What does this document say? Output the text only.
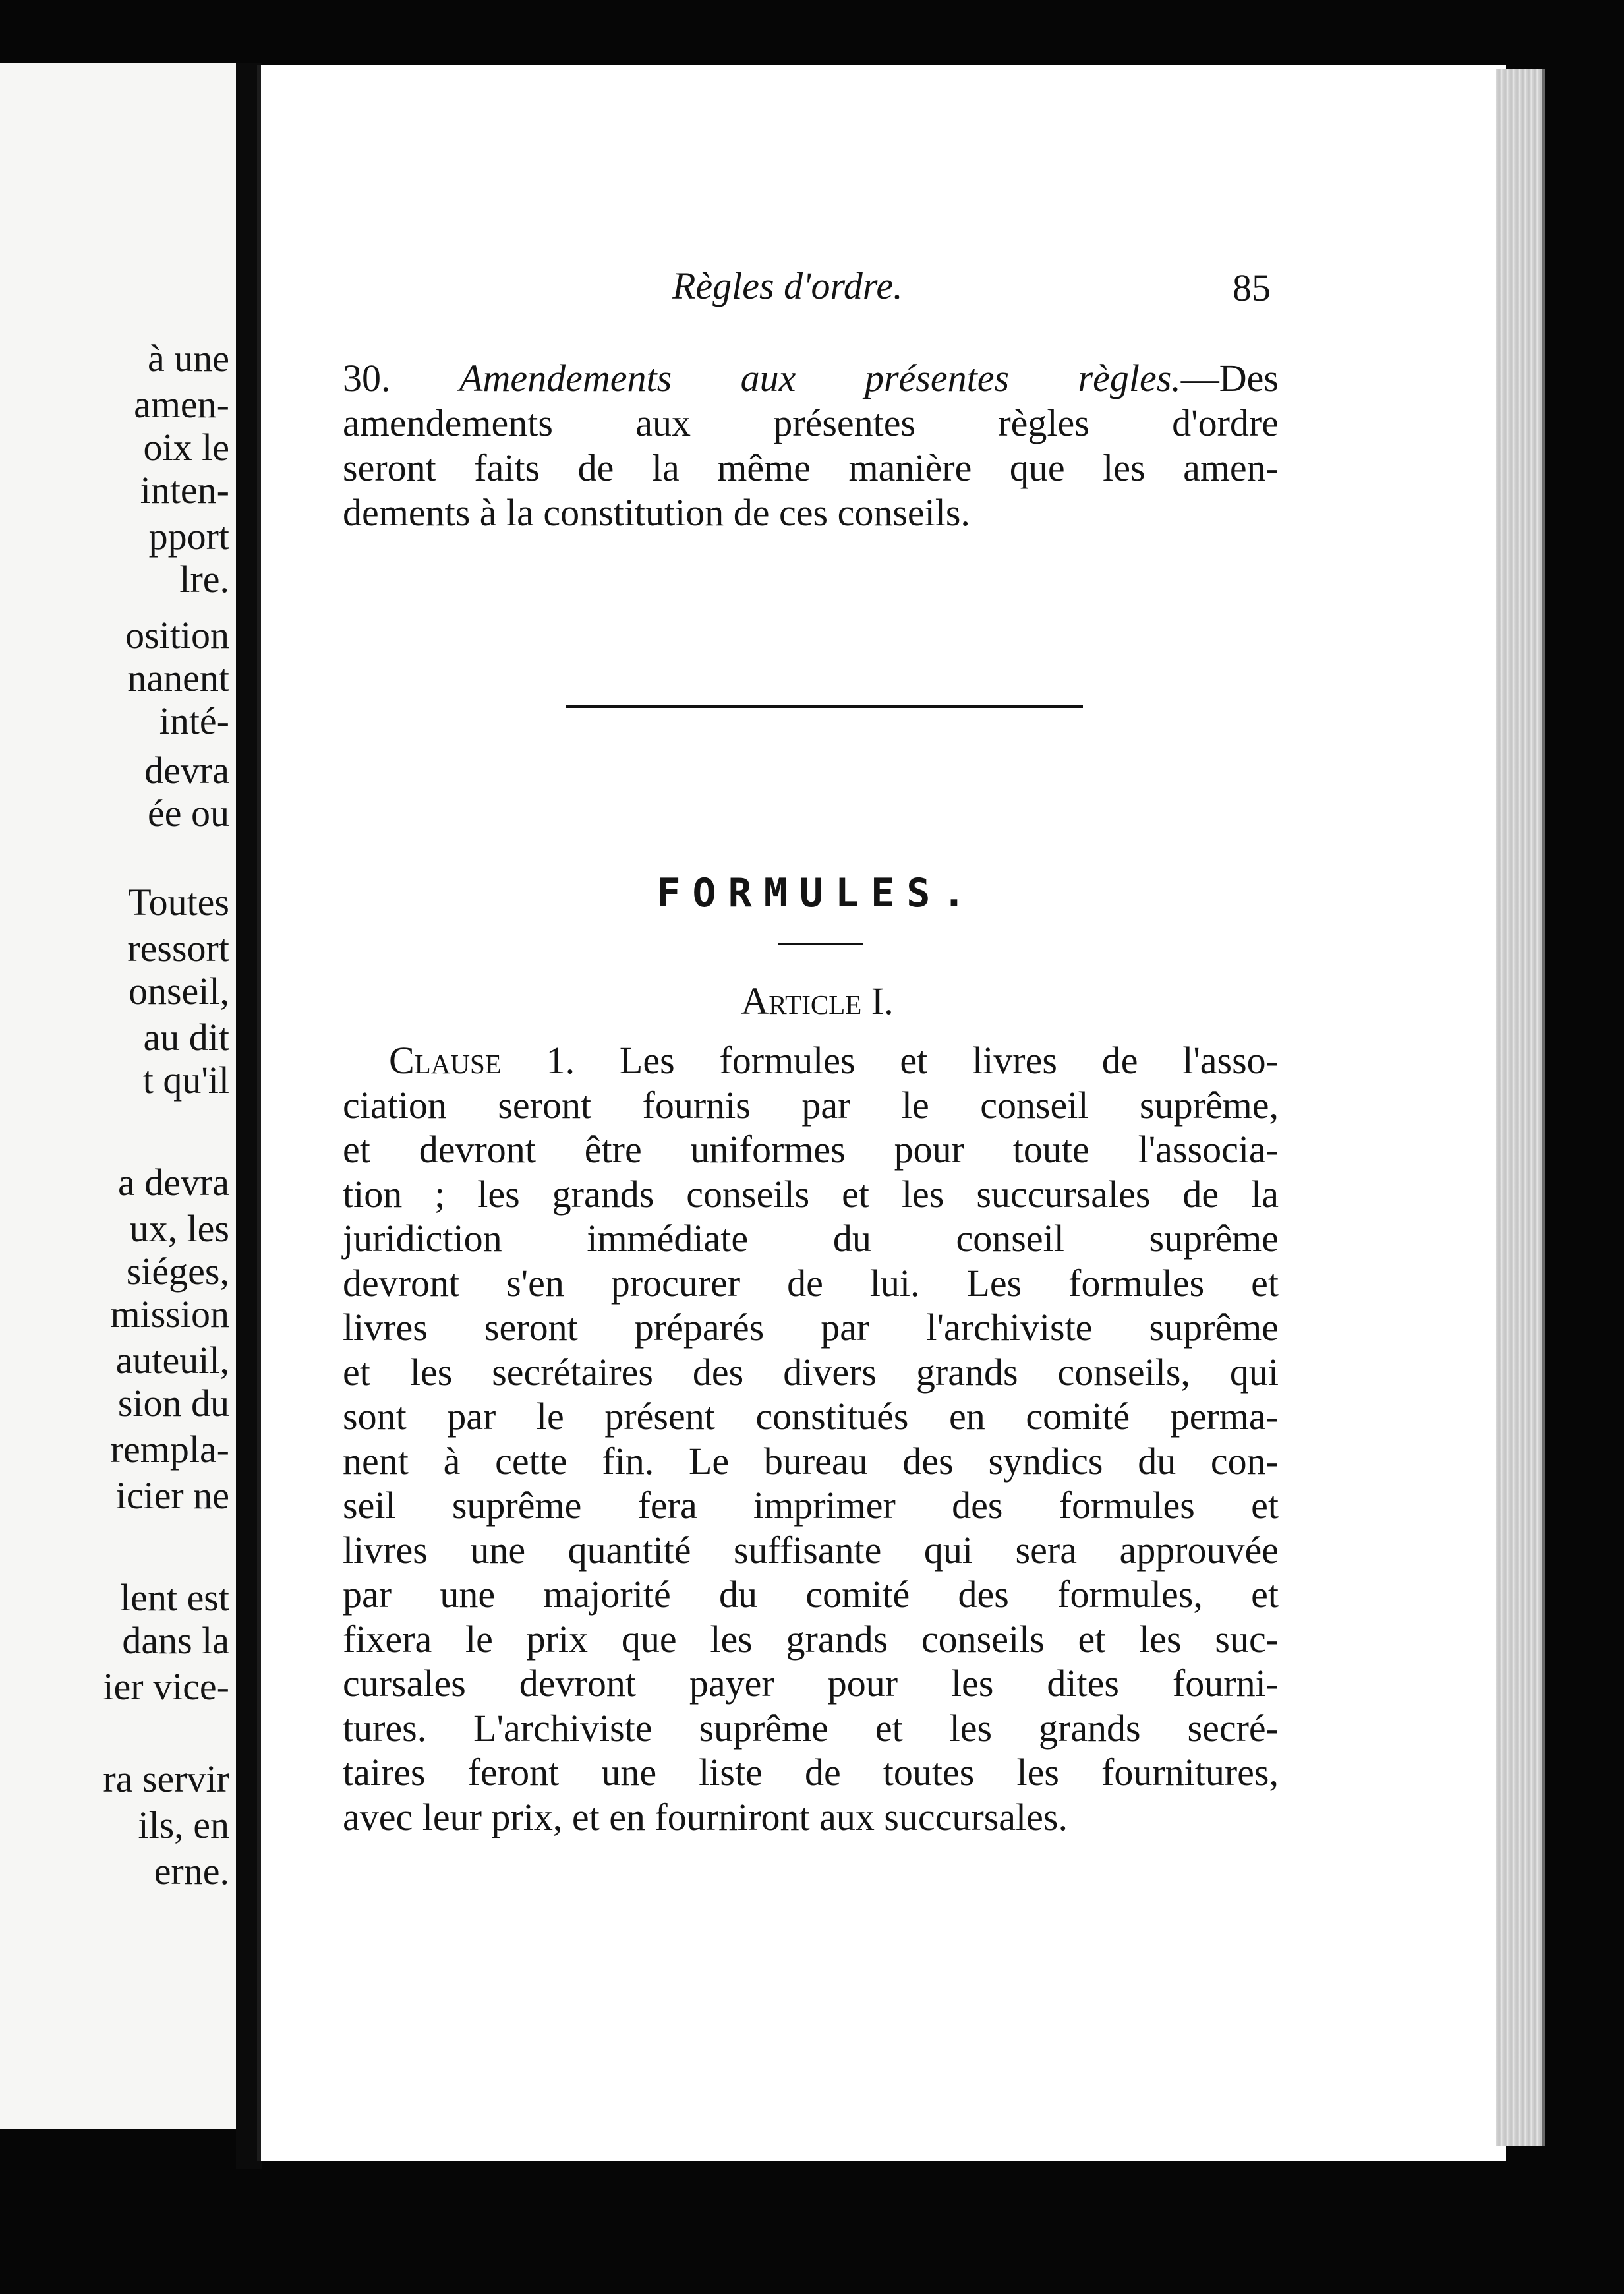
à une
amen-
oix le
inten-
pport
lre.
osition
nanent
inté-
devra
ée ou
Toutes
ressort
onseil,
au dit
t qu'il
a devra
ux, les
siéges,
mission
auteuil,
sion du
rempla-
icier ne
lent est
dans la
ier vice-
ra servir
ils, en
erne.
Règles d'ordre.	85
30. Amendements aux présentes règles.—Des
amendements aux présentes règles d'ordre
seront faits de la même manière que les amen-
dements à la constitution de ces conseils.
FORMULES.
Article I.
Clause 1. Les formules et livres de l'asso-
ciation seront fournis par le conseil suprême,
et devront être uniformes pour toute l'associa-
tion ; les grands conseils et les succursales de la
juridiction immédiate du conseil suprême
devront s'en procurer de lui. Les formules et
livres seront préparés par l'archiviste suprême
et les secrétaires des divers grands conseils, qui
sont par le présent constitués en comité perma-
nent à cette fin. Le bureau des syndics du con-
seil suprême fera imprimer des formules et
livres une quantité suffisante qui sera approuvée
par une majorité du comité des formules, et
fixera le prix que les grands conseils et les suc-
cursales devront payer pour les dites fourni-
tures. L'archiviste suprême et les grands secré-
taires feront une liste de toutes les fournitures,
avec leur prix, et en fourniront aux succursales.
